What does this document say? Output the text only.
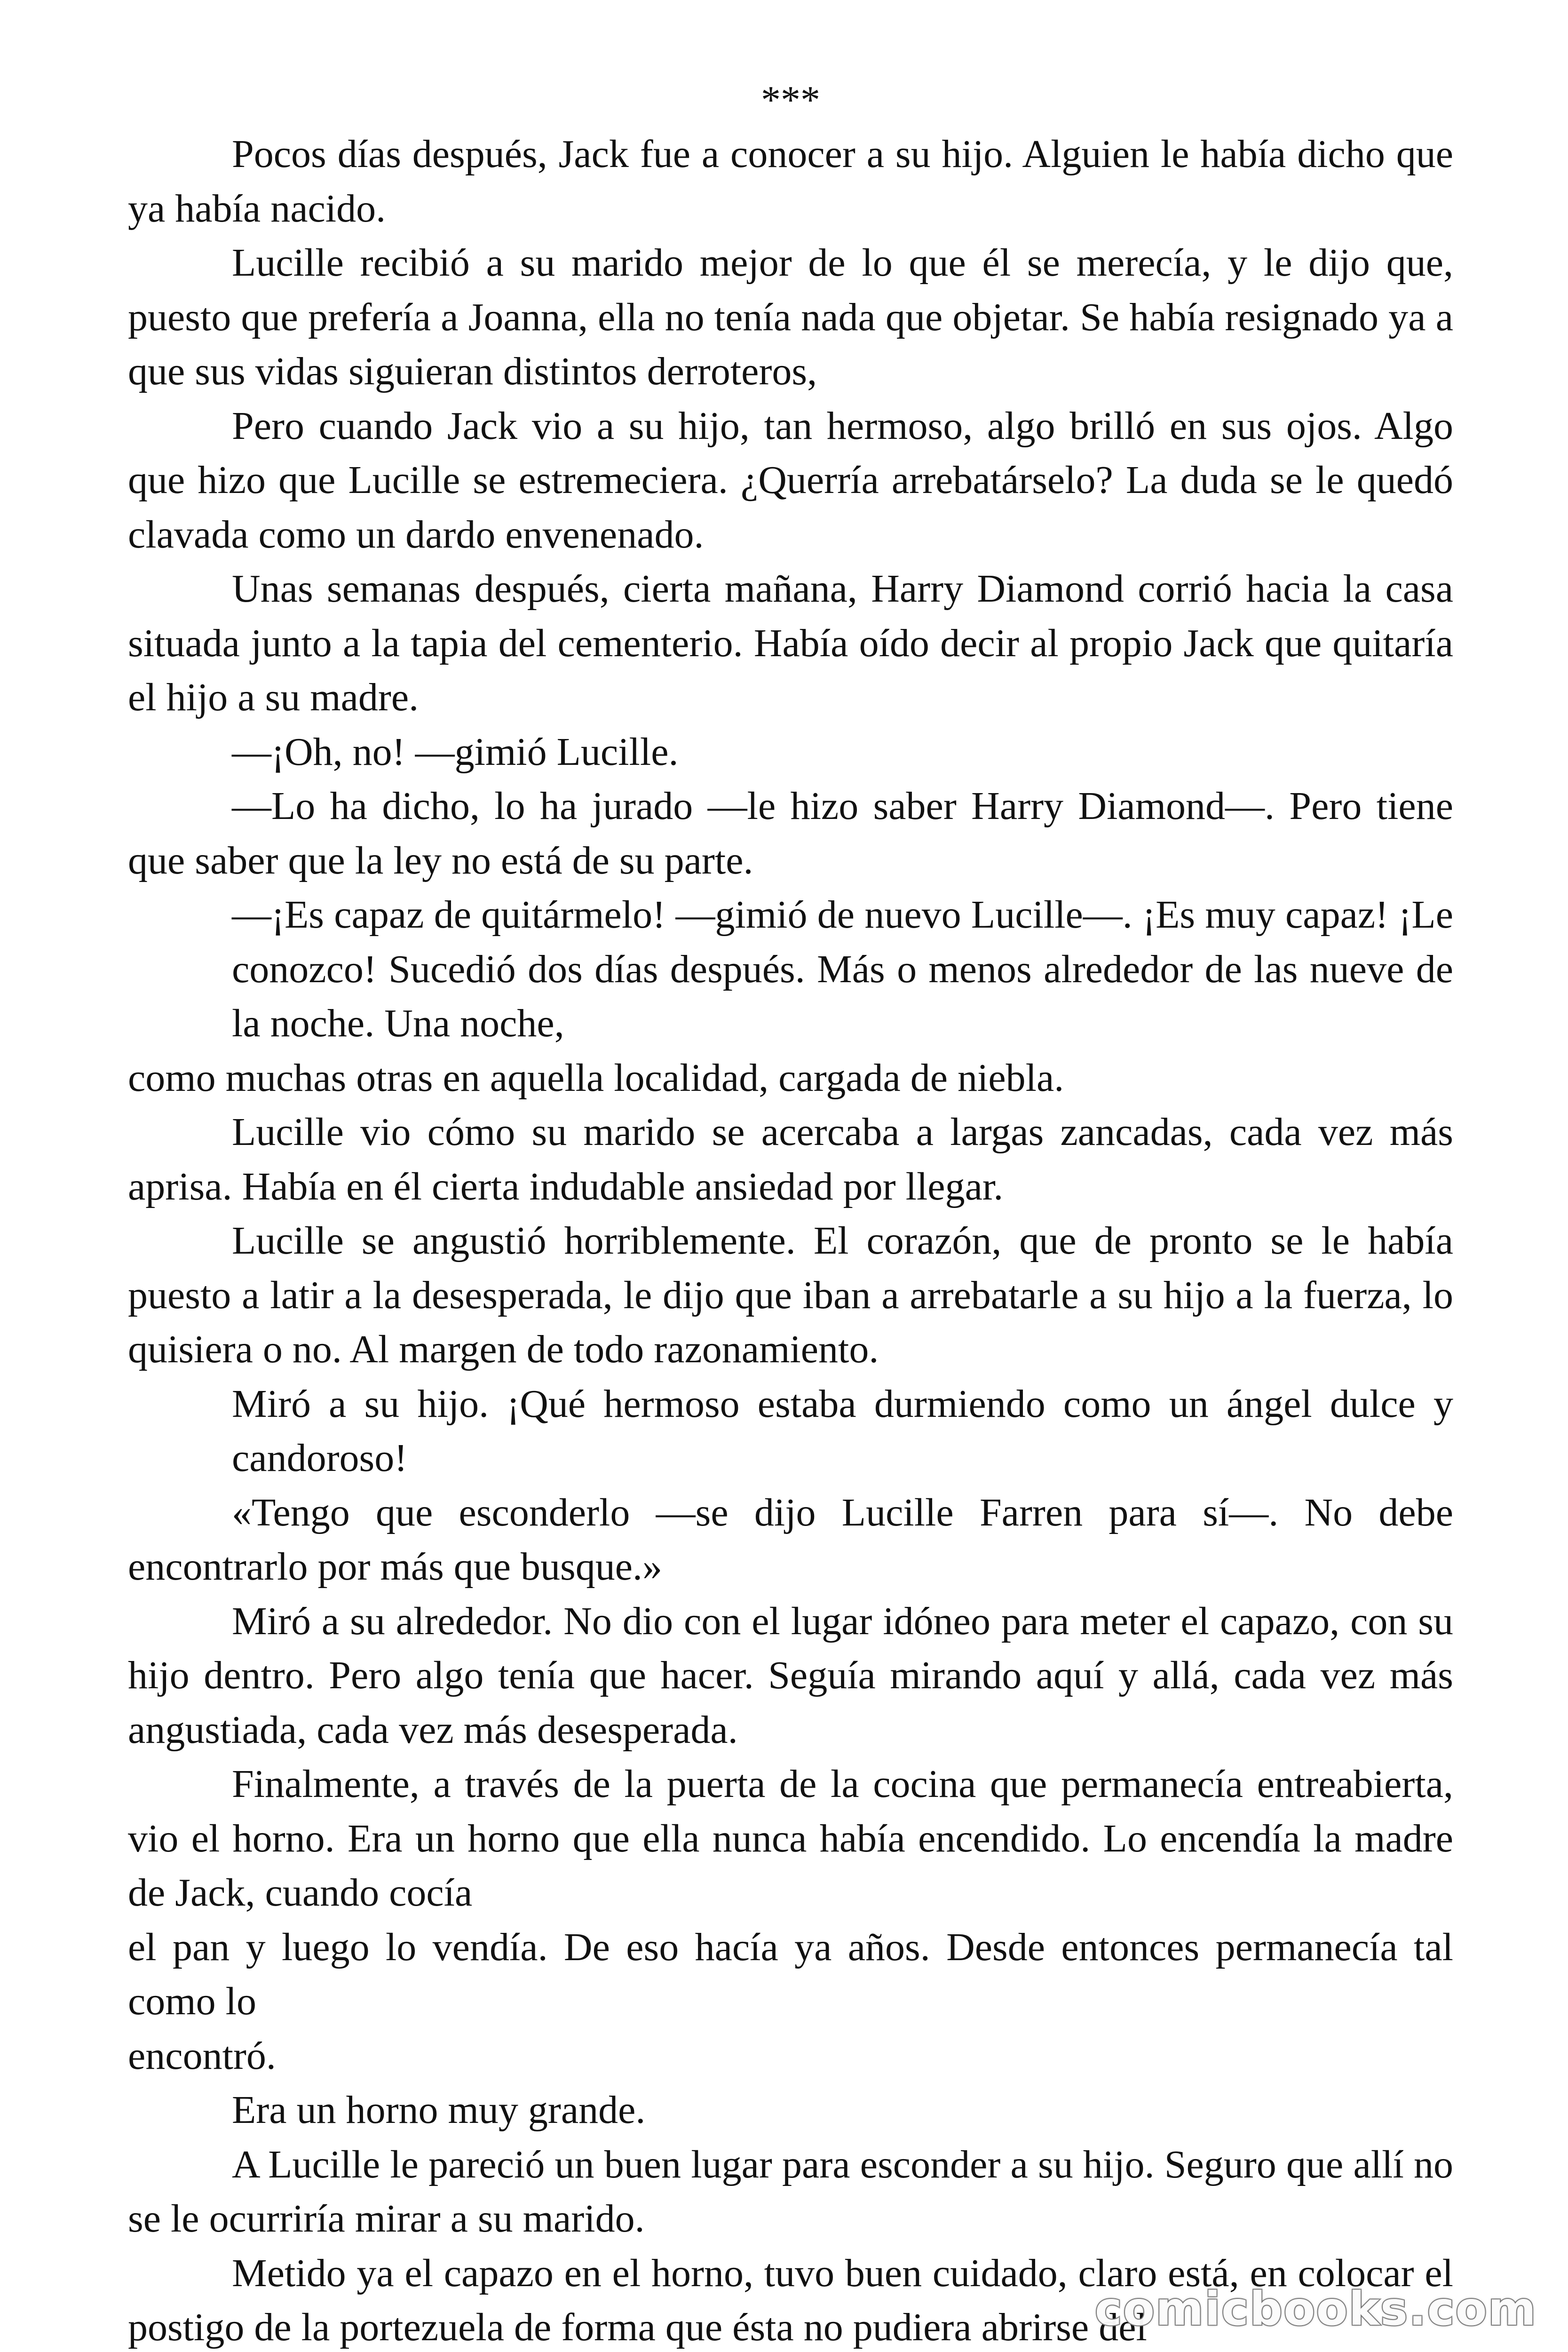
***

Pocos días después, Jack fue a conocer a su hijo. Alguien le había dicho que ya había nacido.

Lucille recibió a su marido mejor de lo que él se merecía, y le dijo que, puesto que prefería a Joanna, ella no tenía nada que objetar. Se había resignado ya a que sus vidas siguieran distintos derroteros,

Pero cuando Jack vio a su hijo, tan hermoso, algo brilló en sus ojos. Algo que hizo que Lucille se estremeciera. ¿Querría arrebatárselo? La duda se le quedó clavada como un dardo envenenado.

Unas semanas después, cierta mañana, Harry Diamond corrió hacia la casa situada junto a la tapia del cementerio. Había oído decir al propio Jack que quitaría el hijo a su madre.

—¡Oh, no! —gimió Lucille.

—Lo ha dicho, lo ha jurado —le hizo saber Harry Diamond—. Pero tiene que saber que la ley no está de su parte.

—¡Es capaz de quitármelo! —gimió de nuevo Lucille—. ¡Es muy capaz! ¡Le conozco! Sucedió dos días después. Más o menos alrededor de las nueve de la noche. Una noche,

como muchas otras en aquella localidad, cargada de niebla.

Lucille vio cómo su marido se acercaba a largas zancadas, cada vez más aprisa. Había en él cierta indudable ansiedad por llegar.

Lucille se angustió horriblemente. El corazón, que de pronto se le había puesto a latir a la desesperada, le dijo que iban a arrebatarle a su hijo a la fuerza, lo quisiera o no. Al margen de todo razonamiento.

Miró a su hijo. ¡Qué hermoso estaba durmiendo como un ángel dulce y candoroso!

«Tengo que esconderlo —se dijo Lucille Farren para sí—. No debe encontrarlo por más que busque.»

Miró a su alrededor. No dio con el lugar idóneo para meter el capazo, con su hijo dentro. Pero algo tenía que hacer. Seguía mirando aquí y allá, cada vez más angustiada, cada vez más desesperada.

Finalmente, a través de la puerta de la cocina que permanecía entreabierta, vio el horno. Era un horno que ella nunca había encendido. Lo encendía la madre de Jack, cuando cocía

el pan y luego lo vendía. De eso hacía ya años. Desde entonces permanecía tal como lo

encontró.

Era un horno muy grande.

A Lucille le pareció un buen lugar para esconder a su hijo. Seguro que allí no se le ocurriría mirar a su marido.

Metido ya el capazo en el horno, tuvo buen cuidado, claro está, en colocar el postigo de la portezuela de forma que ésta no pudiera abrirse del

comicbooks.com
